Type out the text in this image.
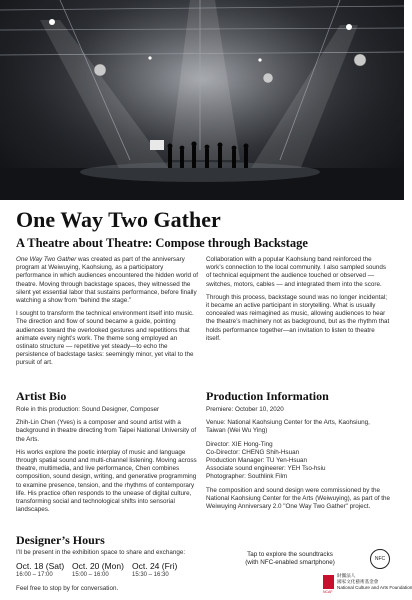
One Way Two Gather
A Theatre about Theatre: Compose through Backstage

One Way Two Gather was created as part of the anniversary program at Weiwuying, Kaohsiung, as a participatory performance in which audiences encountered the hidden world of theatre. Moving through backstage spaces, they witnessed the silent yet essential labor that sustains performance, before finally watching a show from “behind the stage.”

I sought to transform the technical environment itself into music. The direction and flow of sound became a guide, pointing audiences toward the overlooked gestures and repetitions that animate every night’s work. The theme song employed an ostinato structure — repetitive yet steady—to echo the persistence of backstage tasks: seemingly minor, yet vital to the pursuit of art.

Collaboration with a popular Kaohsiung band reinforced the work’s connection to the local community. I also sampled sounds of technical equipment the audience touched or observed — switches, motors, cables — and integrated them into the score.

Through this process, backstage sound was no longer incidental; it became an active participant in storytelling. What is usually concealed was reimagined as music, allowing audiences to hear the theatre’s machinery not as background, but as the rhythm that holds performance together—an invitation to listen to theatre itself.

Artist Bio	Production Information

Role in this production: Sound Designer, Composer

Zhih-Lin Chen (Yves) is a composer and sound artist with a background in theatre directing from Taipei National University of the Arts.

His works explore the poetic interplay of music and language through spatial sound and multi-channel listening. Moving across theatre, multimedia, and live performance, Chen combines composition, sound design, writing, and generative programming to examine presence, tension, and the rhythms of contemporary life. His practice often responds to the unease of digital culture, transforming social and technological shifts into sensorial landscapes.

Premiere: October 10, 2020

Venue: National Kaohsiung Center for the Arts, Kaohsiung, Taiwan (Wei Wu Ying)

Director: XIE Hong-Ting

Co-Director: CHENG Shih-Hsuan

Production Manager: TU Yen-Hsuan

Associate sound engineerer: YEH Tso-hsiu

Photographer: Southlink Film

The composition and sound design were commissioned by the National Kaohsiung Center for the Arts (Weiwuying), as part of the Weiwuying Anniversary 2.0 "One Way Two Gather" project.

Designer’s Hours
I’ll be present in the exhibition space to share and exchange:
Oct. 18 (Sat)
16:00 – 17:00
Oct. 20 (Mon)
15:00 – 16:00
Oct. 24 (Fri)
15:30 – 16:30
Feel free to stop by for conversation.
Tap to explore the soundtracks
(with NFC-enabled smartphone)	NFC
NCAF
財團法人
國家文化藝術基金會
National Culture and Arts Foundation
